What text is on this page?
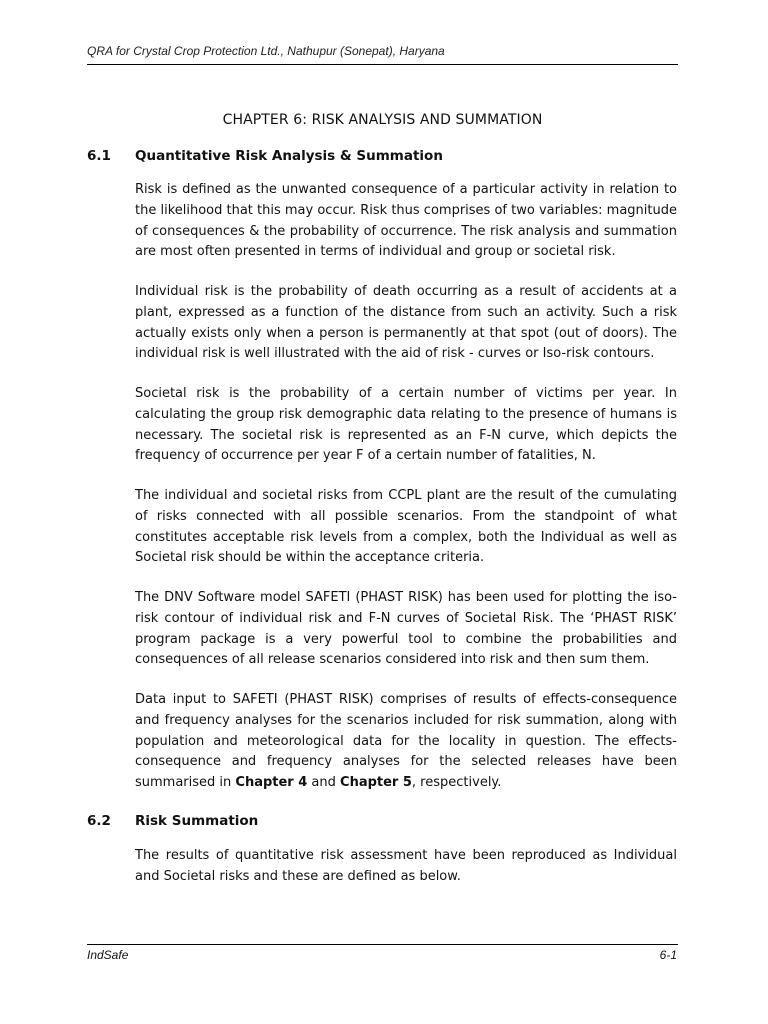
QRA for Crystal Crop Protection Ltd., Nathupur (Sonepat), Haryana
CHAPTER 6: RISK ANALYSIS AND SUMMATION
6.1 Quantitative Risk Analysis & Summation

Risk is defined as the unwanted consequence of a particular activity in relation to the likelihood that this may occur. Risk thus comprises of two variables: magnitude of consequences & the probability of occurrence. The risk analysis and summation are most often presented in terms of individual and group or societal risk.

Individual risk is the probability of death occurring as a result of accidents at a plant, expressed as a function of the distance from such an activity. Such a risk actually exists only when a person is permanently at that spot (out of doors). The individual risk is well illustrated with the aid of risk - curves or Iso-risk contours.

Societal risk is the probability of a certain number of victims per year. In calculating the group risk demographic data relating to the presence of humans is necessary. The societal risk is represented as an F-N curve, which depicts the frequency of occurrence per year F of a certain number of fatalities, N.

The individual and societal risks from CCPL plant are the result of the cumulating of risks connected with all possible scenarios. From the standpoint of what constitutes acceptable risk levels from a complex, both the Individual as well as Societal risk should be within the acceptance criteria.

The DNV Software model SAFETI (PHAST RISK) has been used for plotting the iso-risk contour of individual risk and F-N curves of Societal Risk. The ‘PHAST RISK’ program package is a very powerful tool to combine the probabilities and consequences of all release scenarios considered into risk and then sum them.

Data input to SAFETI (PHAST RISK) comprises of results of effects-consequence and frequency analyses for the scenarios included for risk summation, along with population and meteorological data for the locality in question. The effects-consequence and frequency analyses for the selected releases have been summarised in Chapter 4 and Chapter 5, respectively.

6.2 Risk Summation

The results of quantitative risk assessment have been reproduced as Individual and Societal risks and these are defined as below.

IndSafe	6-1
